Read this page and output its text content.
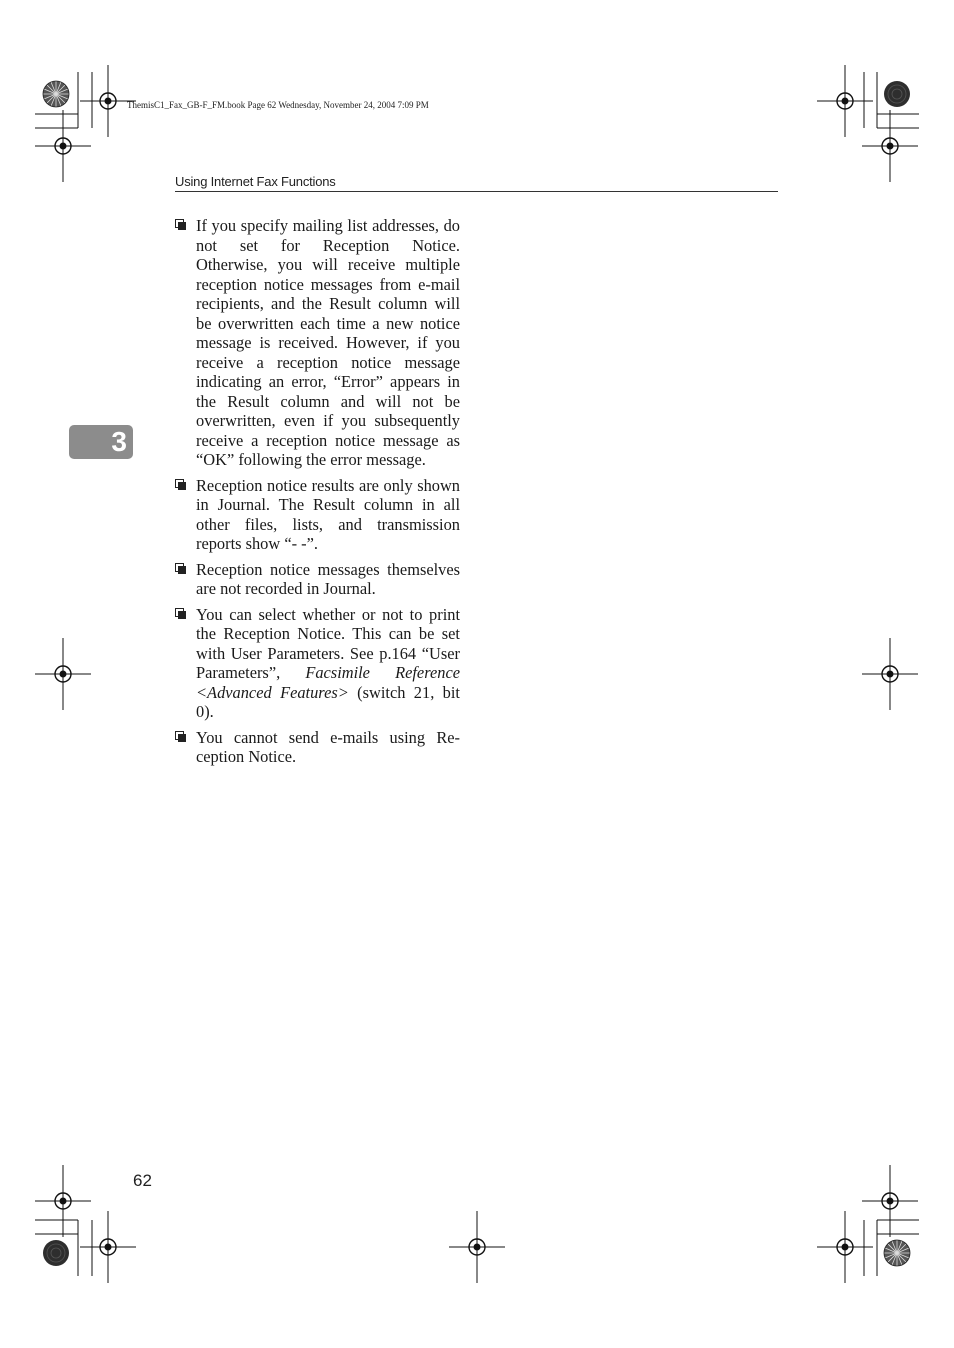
ThemisC1_Fax_GB-F_FM.book Page 62 Wednesday, November 24, 2004 7:09 PM
Using Internet Fax Functions
3
If you specify mailing list addresses, do not set for Reception Notice. Otherwise, you will receive multiple reception notice messages from e-mail recipients, and the Result column will be overwritten each time a new notice message is received. However, if you receive a reception notice message indicating an error, “Error” appears in the Result column and will not be overwritten, even if you subsequently receive a reception notice message as “OK” following the error message.
Reception notice results are only shown in Journal. The Result column in all other files, lists, and transmission reports show “- -”.
Reception notice messages themselves are not recorded in Journal.
You can select whether or not to print the Reception Notice. This can be set with User Parameters. See p.164 “User Parameters”, Facsimile Reference <Advanced Features> (switch 21, bit 0).
You cannot send e-mails using Reception Notice.
62
